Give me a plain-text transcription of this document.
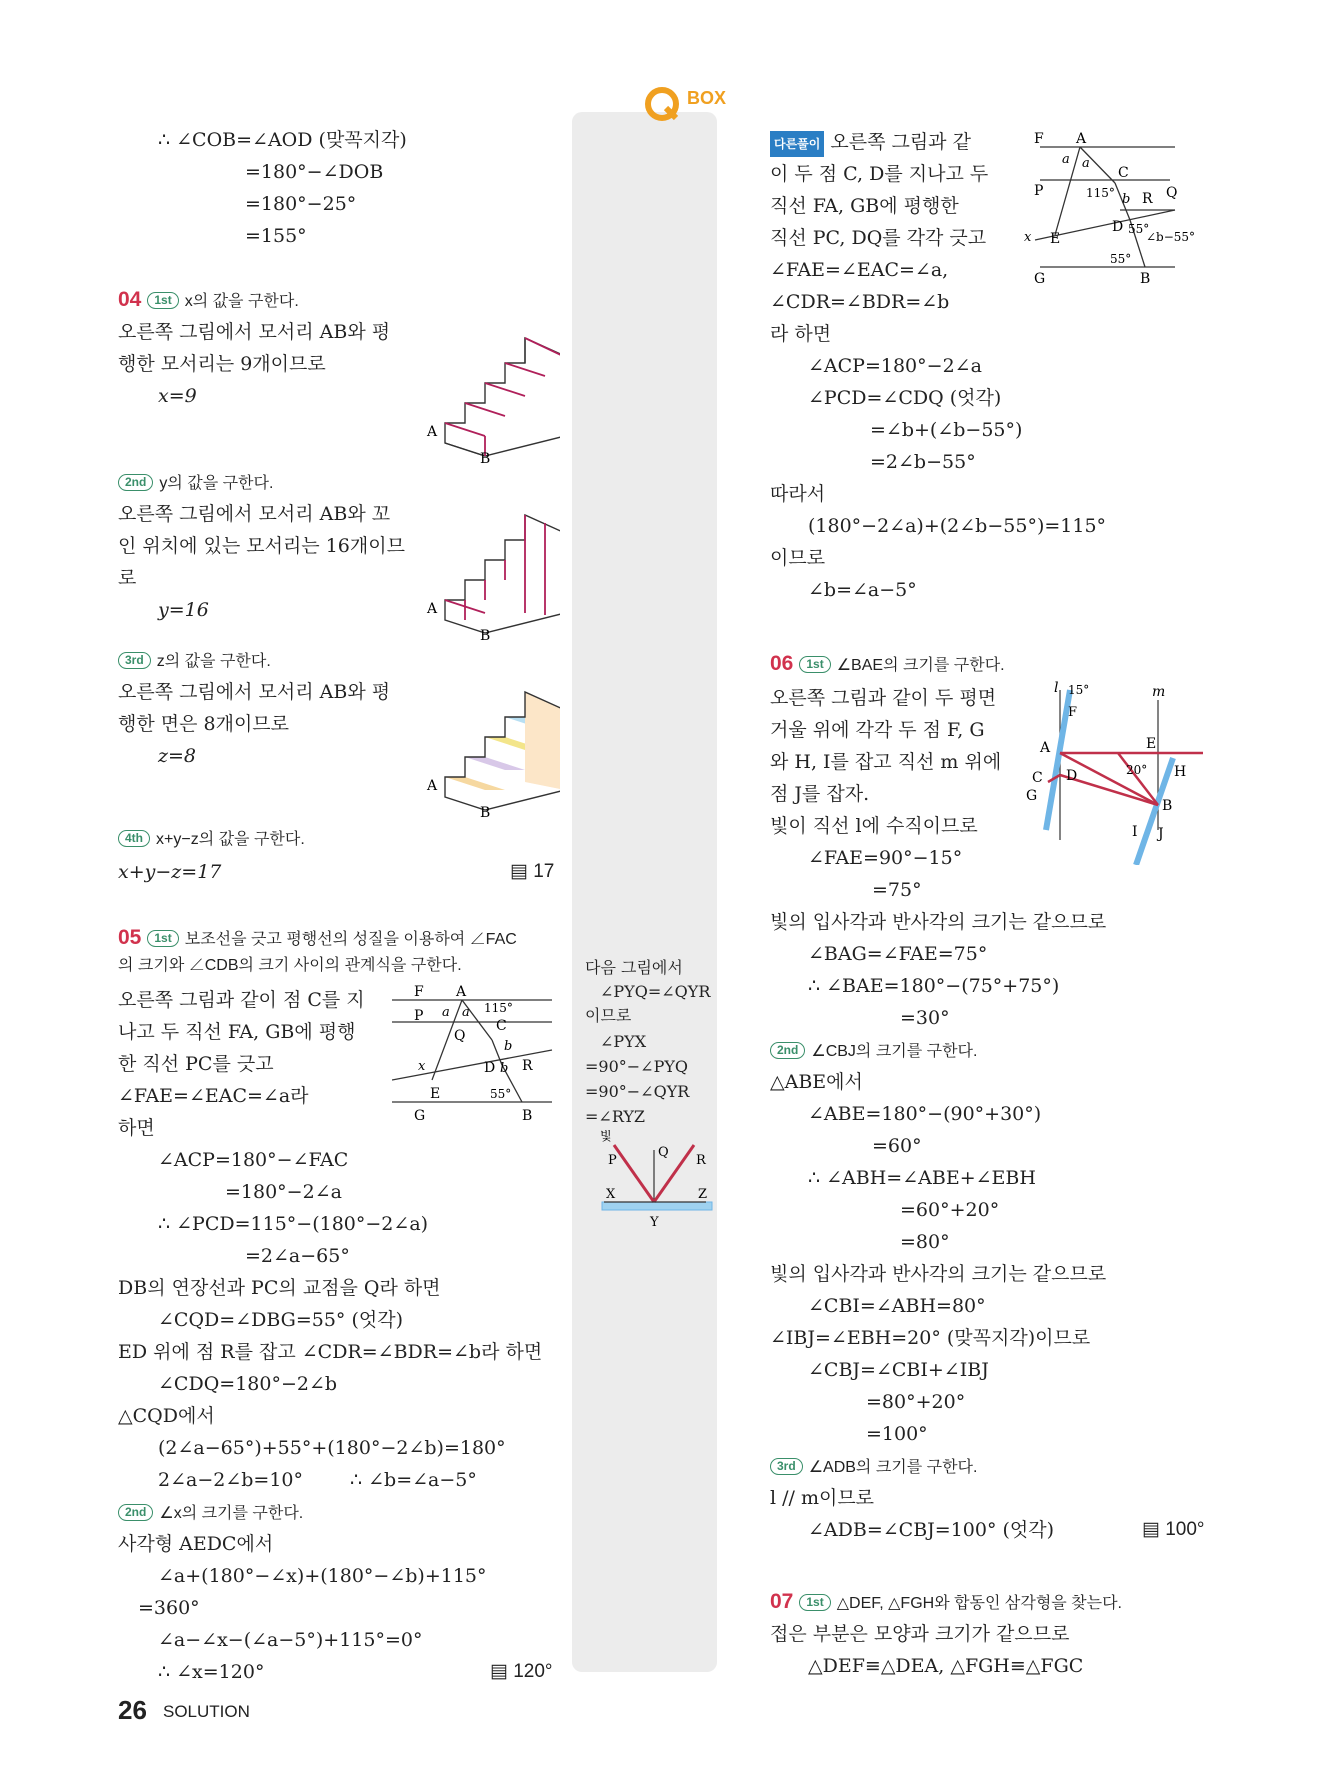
BOX
∴ ∠COB=∠AOD (맞꼭지각)
=180°−∠DOB
=180°−25°
=155°
04 1st x의 값을 구한다.
오른쪽 그림에서 모서리 AB와 평
행한 모서리는 9개이므로
x=9
2nd y의 값을 구한다.
오른쪽 그림에서 모서리 AB와 꼬
인 위치에 있는 모서리는 16개이므
로
y=16
3rd z의 값을 구한다.
오른쪽 그림에서 모서리 AB와 평
행한 면은 8개이므로
z=8
4th x+y−z의 값을 구한다.
x+y−z=17	▤ 17
A
B
A
B
A
B
05 1st 보조선을 긋고 평행선의 성질을 이용하여 ∠FAC
의 크기와 ∠CDB의 크기 사이의 관계식을 구한다.
오른쪽 그림과 같이 점 C를 지
나고 두 직선 FA, GB에 평행
한 직선 PC를 긋고
∠FAE=∠EAC=∠a라
하면
F A
a a 115°
P
C
Q
x
b
b
D R
E	55°
G	B
∠ACP=180°−∠FAC
=180°−2∠a
∴ ∠PCD=115°−(180°−2∠a)
=2∠a−65°
DB의 연장선과 PC의 교점을 Q라 하면
∠CQD=∠DBG=55° (엇각)
ED 위에 점 R를 잡고 ∠CDR=∠BDR=∠b라 하면
∠CDQ=180°−2∠b
△CQD에서
(2∠a−65°)+55°+(180°−2∠b)=180°
2∠a−2∠b=10° ∴ ∠b=∠a−5°
2nd ∠x의 크기를 구한다.
사각형 AEDC에서
∠a+(180°−∠x)+(180°−∠b)+115°
=360°
∠a−∠x−(∠a−5°)+115°=0°
∴ ∠x=120°	▤ 120°
다음 그림에서
∠PYQ=∠QYR
이므로
∠PYX
=90°−∠PYQ
=90°−∠QYR
=∠RYZ
빛
P
Q
R
X	Z
Y
다른풀이 오른쪽 그림과 같
이 두 점 C, D를 지나고 두
직선 FA, GB에 평행한
직선 PC, DQ를 각각 긋고
∠FAE=∠EAC=∠a,
∠CDR=∠BDR=∠b
라 하면
F A
a a
C
P	115° b R Q
x E
D 55°
∠b−55°
55°
G	B
∠ACP=180°−2∠a
∠PCD=∠CDQ (엇각)
=∠b+(∠b−55°)
=2∠b−55°
따라서
(180°−2∠a)+(2∠b−55°)=115°
이므로
∠b=∠a−5°
06 1st ∠BAE의 크기를 구한다.
오른쪽 그림과 같이 두 평면
거울 위에 각각 두 점 F, G
와 H, I를 잡고 직선 m 위에
점 J를 잡자.
빛이 직선 l에 수직이므로
l 15°	m
F
A	E
20° H
C D
G
B
I J
∠FAE=90°−15°
=75°
빛의 입사각과 반사각의 크기는 같으므로
∠BAG=∠FAE=75°
∴ ∠BAE=180°−(75°+75°)
=30°
2nd ∠CBJ의 크기를 구한다.
△ABE에서
∠ABE=180°−(90°+30°)
=60°
∴ ∠ABH=∠ABE+∠EBH
=60°+20°
=80°
빛의 입사각과 반사각의 크기는 같으므로
∠CBI=∠ABH=80°
∠IBJ=∠EBH=20° (맞꼭지각)이므로
∠CBJ=∠CBI+∠IBJ
=80°+20°
=100°
3rd ∠ADB의 크기를 구한다.
l // m이므로
∠ADB=∠CBJ=100° (엇각)	▤ 100°
07 1st △DEF, △FGH와 합동인 삼각형을 찾는다.
접은 부분은 모양과 크기가 같으므로
△DEF≡△DEA, △FGH≡△FGC
26 SOLUTION
